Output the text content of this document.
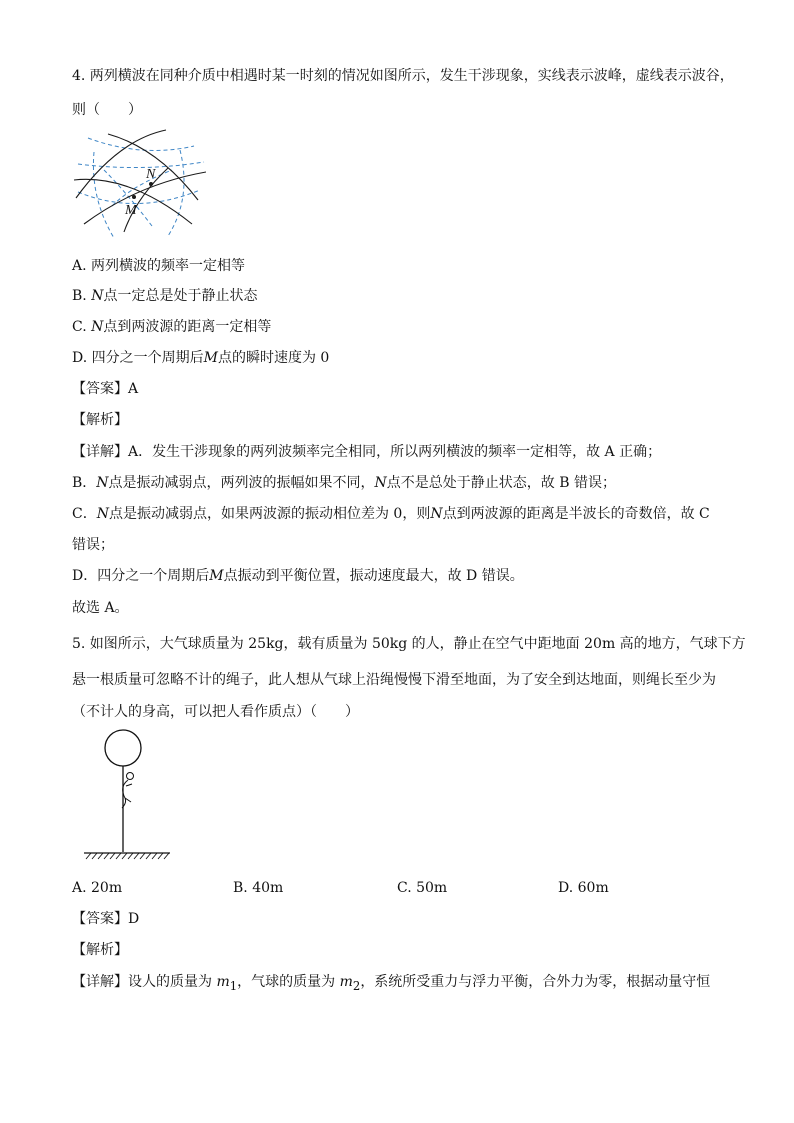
4. 两列横波在同种介质中相遇时某一时刻的情况如图所示，发生干涉现象，实线表示波峰，虚线表示波谷，
则（　　）
N
M
A. 两列横波的频率一定相等
B. N点一定总是处于静止状态
C. N点到两波源的距离一定相等
D. 四分之一个周期后M点的瞬时速度为 0
【答案】A
【解析】
【详解】A．发生干涉现象的两列波频率完全相同，所以两列横波的频率一定相等，故 A 正确；
B．N点是振动减弱点，两列波的振幅如果不同，N点不是总处于静止状态，故 B 错误；
C．N点是振动减弱点，如果两波源的振动相位差为 0，则N点到两波源的距离是半波长的奇数倍，故 C
错误；
D．四分之一个周期后M点振动到平衡位置，振动速度最大，故 D 错误。
故选 A。
5. 如图所示，大气球质量为 25kg，载有质量为 50kg 的人，静止在空气中距地面 20m 高的地方，气球下方
悬一根质量可忽略不计的绳子，此人想从气球上沿绳慢慢下滑至地面，为了安全到达地面，则绳长至少为
（不计人的身高，可以把人看作质点）（　　）
A. 20m	B. 40m	C. 50m	D. 60m
【答案】D
【解析】
【详解】设人的质量为 $m_1$，气球的质量为 $m_2$，系统所受重力与浮力平衡，合外力为零，根据动量守恒
